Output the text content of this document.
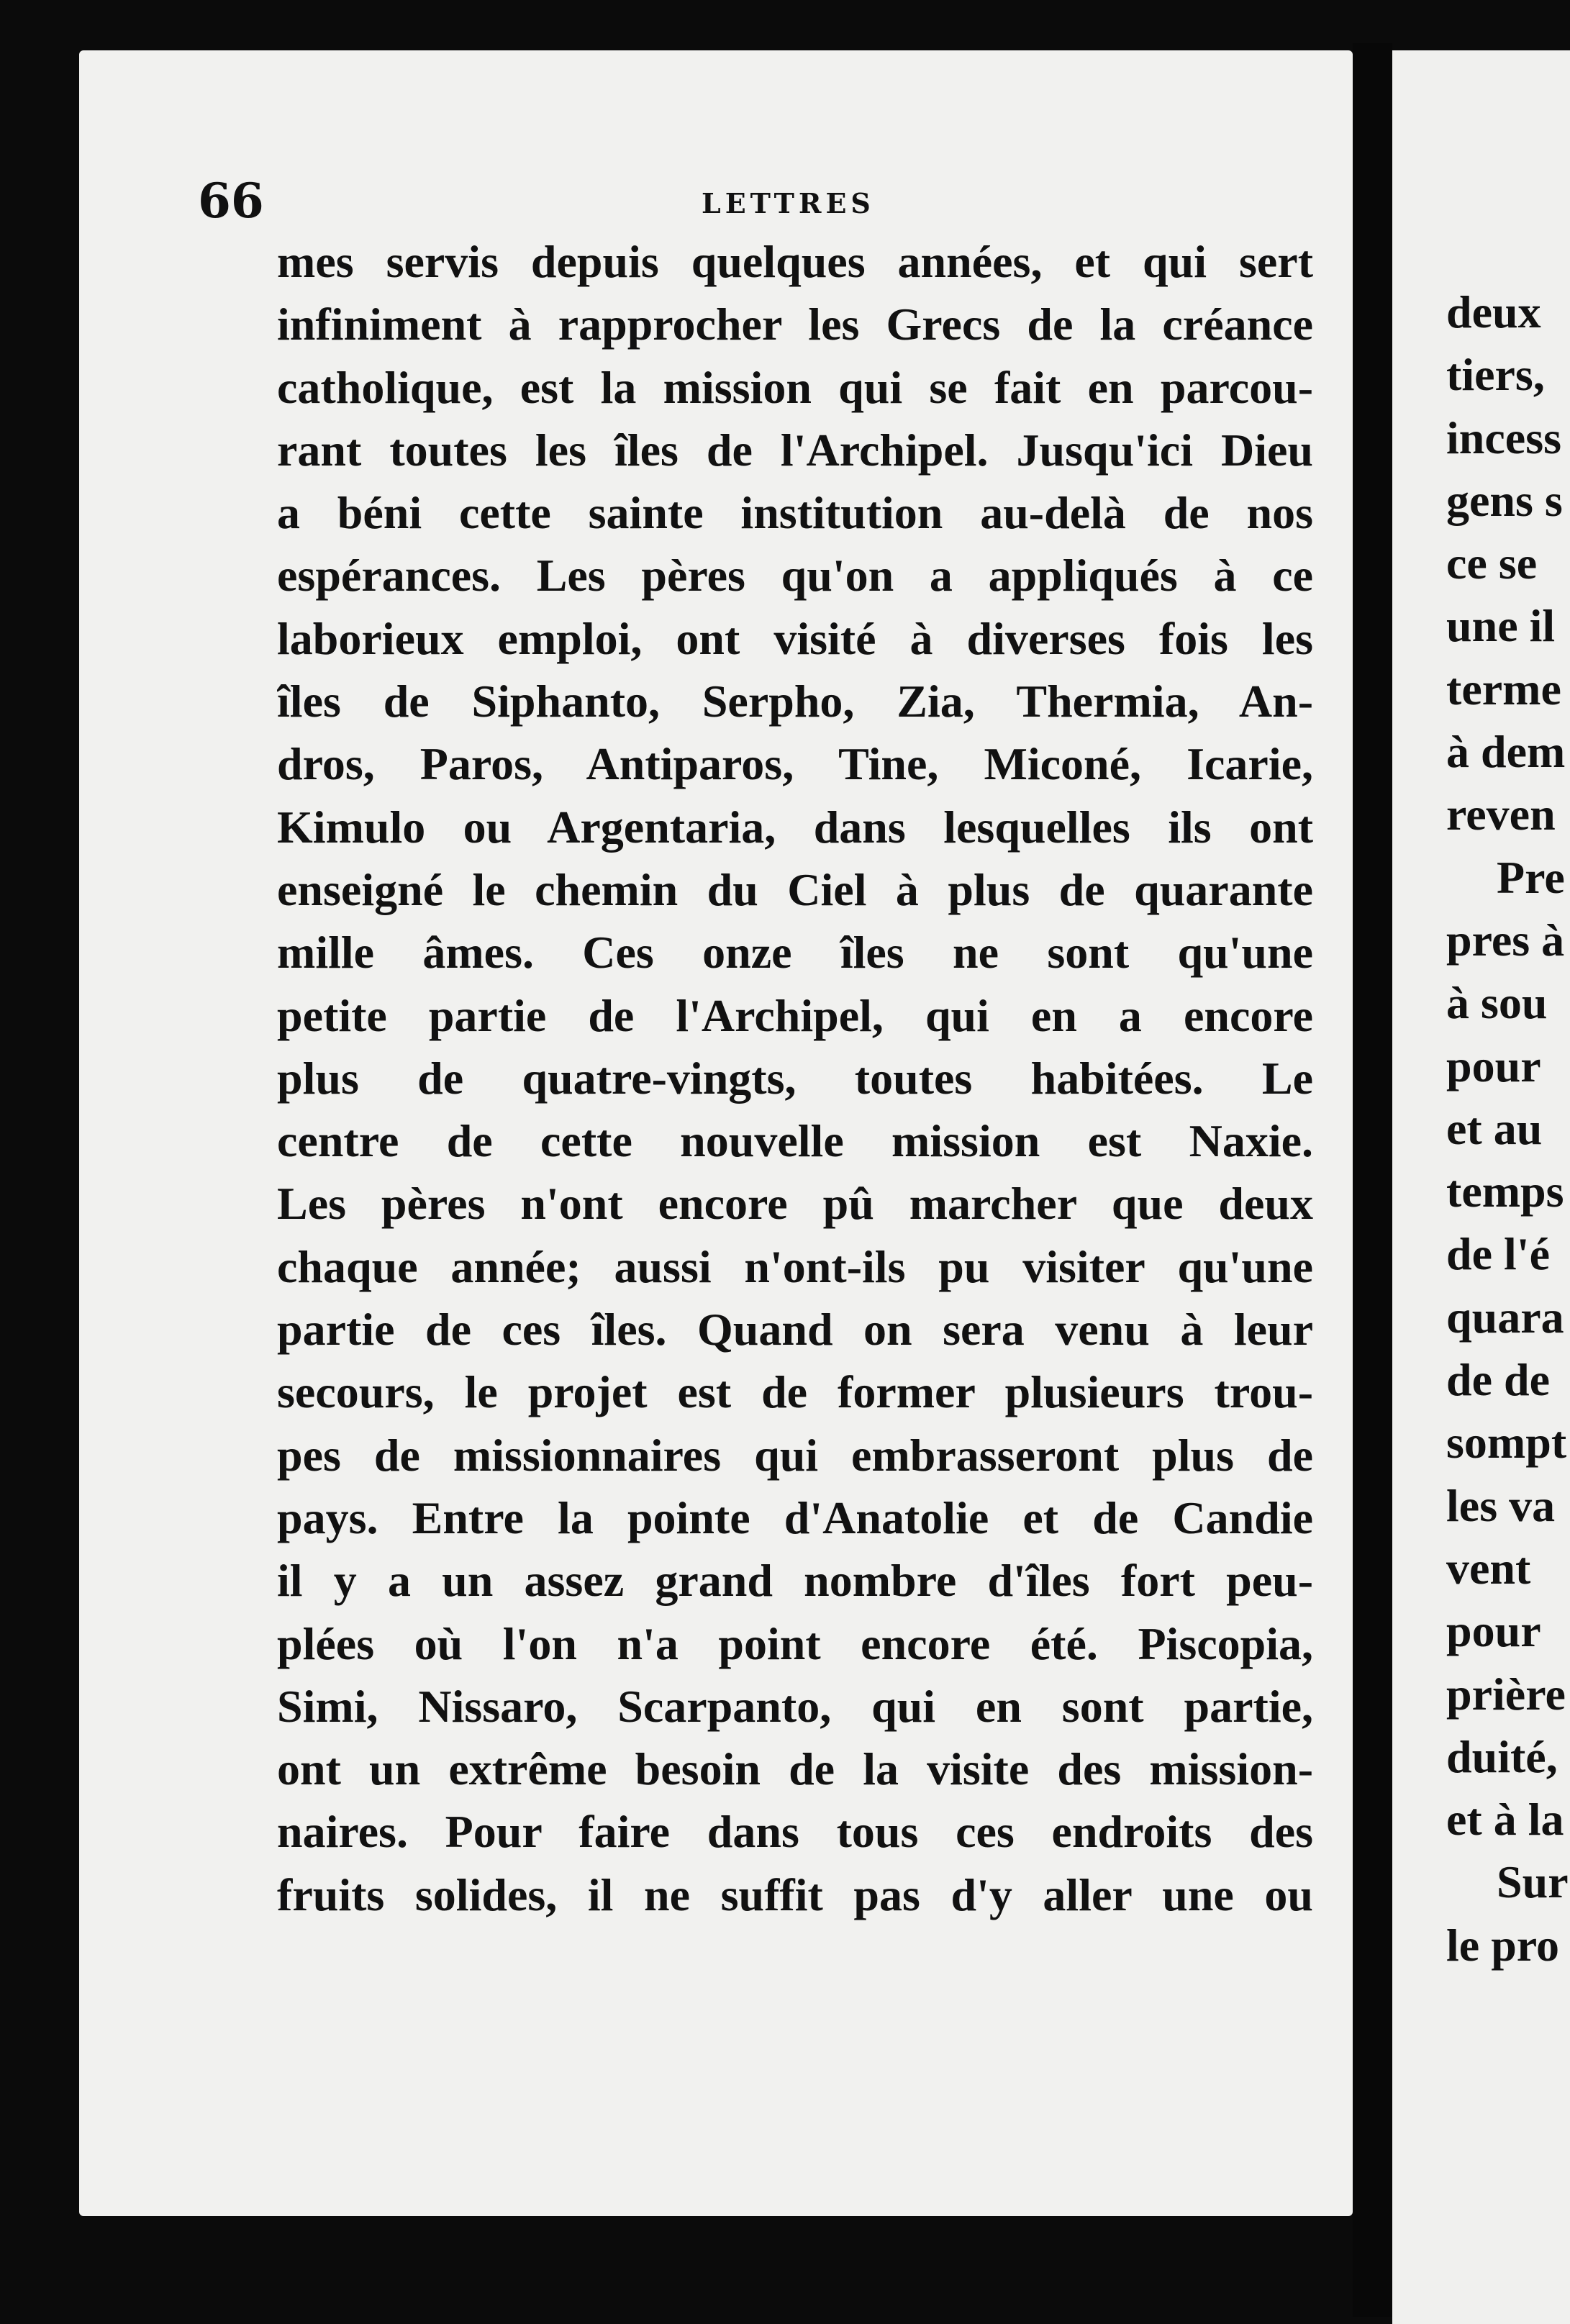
66	LETTRES
mes servis depuis quelques années, et qui sert
infiniment à rapprocher les Grecs de la créance
catholique, est la mission qui se fait en parcou-
rant toutes les îles de l'Archipel. Jusqu'ici Dieu
a béni cette sainte institution au-delà de nos
espérances. Les pères qu'on a appliqués à ce
laborieux emploi, ont visité à diverses fois les
îles de Siphanto, Serpho, Zia, Thermia, An-
dros, Paros, Antiparos, Tine, Miconé, Icarie,
Kimulo ou Argentaria, dans lesquelles ils ont
enseigné le chemin du Ciel à plus de quarante
mille âmes. Ces onze îles ne sont qu'une
petite partie de l'Archipel, qui en a encore
plus de quatre-vingts, toutes habitées. Le
centre de cette nouvelle mission est Naxie.
Les pères n'ont encore pû marcher que deux
chaque année; aussi n'ont-ils pu visiter qu'une
partie de ces îles. Quand on sera venu à leur
secours, le projet est de former plusieurs trou-
pes de missionnaires qui embrasseront plus de
pays. Entre la pointe d'Anatolie et de Candie
il y a un assez grand nombre d'îles fort peu-
plées où l'on n'a point encore été. Piscopia,
Simi, Nissaro, Scarpanto, qui en sont partie,
ont un extrême besoin de la visite des mission-
naires. Pour faire dans tous ces endroits des
fruits solides, il ne suffit pas d'y aller une ou
deux
tiers,
incess
gens s
ce se
une il
terme
à dem
reven
Pre
pres à
à sou
pour
et au
temps
de l'é
quara
de de
sompt
les va
vent
pour
prière
duité,
et à la
Sur
le pro
